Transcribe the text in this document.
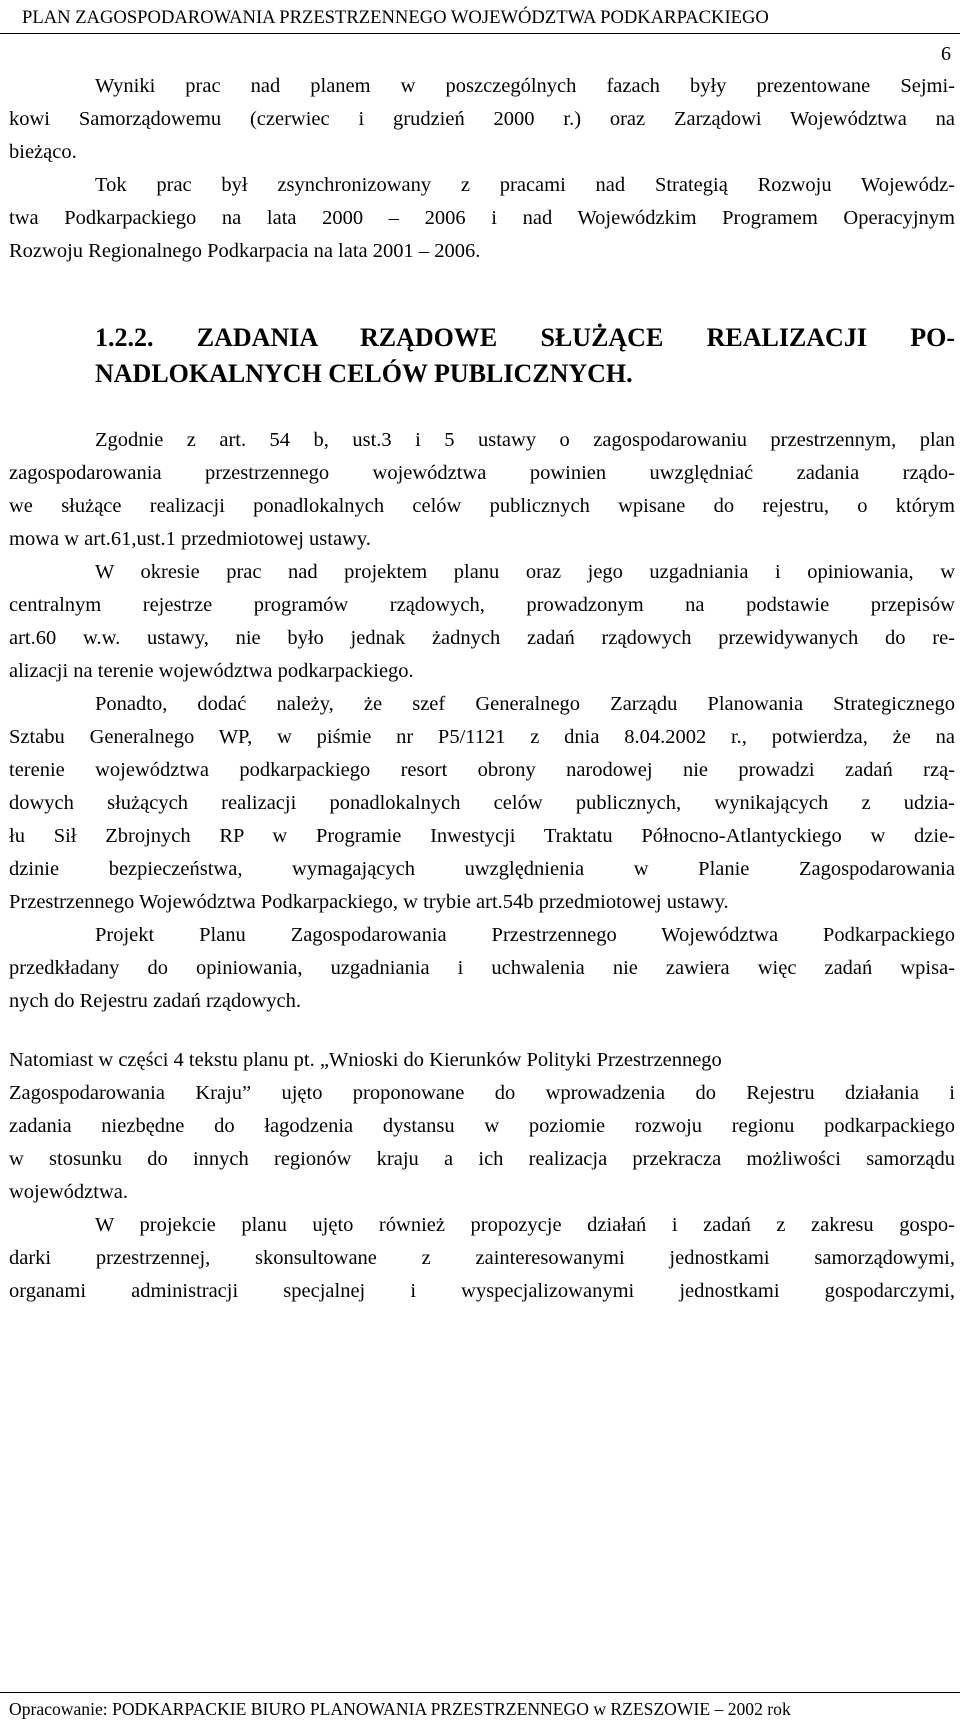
PLAN ZAGOSPODAROWANIA PRZESTRZENNEGO WOJEWÓDZTWA PODKARPACKIEGO
6
Wyniki prac nad planem w poszczególnych fazach były prezentowane Sejmi-
kowi Samorządowemu (czerwiec i grudzień 2000 r.) oraz Zarządowi Województwa na
bieżąco.
Tok prac był zsynchronizowany z pracami nad Strategią Rozwoju Wojewódz-
twa Podkarpackiego na lata 2000 – 2006 i nad Wojewódzkim Programem Operacyjnym
Rozwoju Regionalnego Podkarpacia na lata 2001 – 2006.
1.2.2. ZADANIA RZĄDOWE SŁUŻĄCE REALIZACJI PO-
NADLOKALNYCH CELÓW PUBLICZNYCH.
Zgodnie z art. 54 b, ust.3 i 5 ustawy o zagospodarowaniu przestrzennym, plan
zagospodarowania przestrzennego województwa powinien uwzględniać zadania rządo-
we służące realizacji ponadlokalnych celów publicznych wpisane do rejestru, o którym
mowa w art.61,ust.1 przedmiotowej ustawy.
W okresie prac nad projektem planu oraz jego uzgadniania i opiniowania, w
centralnym rejestrze programów rządowych, prowadzonym na podstawie przepisów
art.60 w.w. ustawy, nie było jednak żadnych zadań rządowych przewidywanych do re-
alizacji na terenie województwa podkarpackiego.
Ponadto, dodać należy, że szef Generalnego Zarządu Planowania Strategicznego
Sztabu Generalnego WP, w piśmie nr P5/1121 z dnia 8.04.2002 r., potwierdza, że na
terenie województwa podkarpackiego resort obrony narodowej nie prowadzi zadań rzą-
dowych służących realizacji ponadlokalnych celów publicznych, wynikających z udzia-
łu Sił Zbrojnych RP w Programie Inwestycji Traktatu Północno-Atlantyckiego w dzie-
dzinie bezpieczeństwa, wymagających uwzględnienia w Planie Zagospodarowania
Przestrzennego Województwa Podkarpackiego, w trybie art.54b przedmiotowej ustawy.
Projekt Planu Zagospodarowania Przestrzennego Województwa Podkarpackiego
przedkładany do opiniowania, uzgadniania i uchwalenia nie zawiera więc zadań wpisa-
nych do Rejestru zadań rządowych.
Natomiast w części 4 tekstu planu pt. „Wnioski do Kierunków Polityki Przestrzennego
Zagospodarowania Kraju” ujęto proponowane do wprowadzenia do Rejestru działania i
zadania niezbędne do łagodzenia dystansu w poziomie rozwoju regionu podkarpackiego
w stosunku do innych regionów kraju a ich realizacja przekracza możliwości samorządu
województwa.
W projekcie planu ujęto również propozycje działań i zadań z zakresu gospo-
darki przestrzennej, skonsultowane z zainteresowanymi jednostkami samorządowymi,
organami administracji specjalnej i wyspecjalizowanymi jednostkami gospodarczymi,
Opracowanie: PODKARPACKIE BIURO PLANOWANIA PRZESTRZENNEGO w RZESZOWIE – 2002 rok
